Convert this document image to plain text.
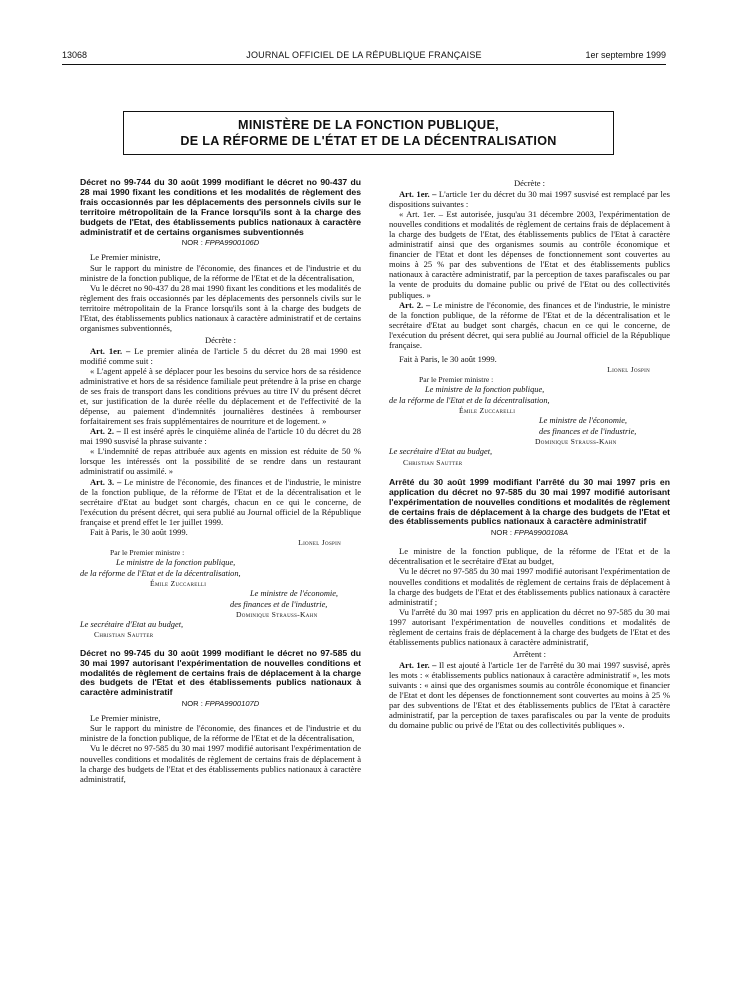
13068	JOURNAL OFFICIEL DE LA RÉPUBLIQUE FRANÇAISE	1er septembre 1999
MINISTÈRE DE LA FONCTION PUBLIQUE,
DE LA RÉFORME DE L'ÉTAT ET DE LA DÉCENTRALISATION

Décret no 99-744 du 30 août 1999 modifiant le décret no 90-437 du 28 mai 1990 fixant les conditions et les modalités de règlement des frais occasionnés par les déplacements des personnels civils sur le territoire métropolitain de la France lorsqu'ils sont à la charge des budgets de l'Etat, des établissements publics nationaux à caractère administratif et de certains organismes subventionnés

NOR : FPPA9900106D

Le Premier ministre,

Sur le rapport du ministre de l'économie, des finances et de l'industrie et du ministre de la fonction publique, de la réforme de l'Etat et de la décentralisation,

Vu le décret no 90-437 du 28 mai 1990 fixant les conditions et les modalités de règlement des frais occasionnés par les déplacements des personnels civils sur le territoire métropolitain de la France lorsqu'ils sont à la charge des budgets de l'Etat, des établissements publics nationaux à caractère administratif et de certains organismes subventionnés,

Décrète :

Art. 1er. – Le premier alinéa de l'article 5 du décret du 28 mai 1990 est modifié comme suit :

« L'agent appelé à se déplacer pour les besoins du service hors de sa résidence administrative et hors de sa résidence familiale peut prétendre à la prise en charge de ses frais de transport dans les conditions prévues au titre IV du présent décret et, sur justification de la durée réelle du déplacement et de l'effectivité de la dépense, au paiement d'indemnités journalières destinées à rembourser forfaitairement ses frais supplémentaires de nourriture et de logement. »

Art. 2. – Il est inséré après le cinquième alinéa de l'article 10 du décret du 28 mai 1990 susvisé la phrase suivante :

« L'indemnité de repas attribuée aux agents en mission est réduite de 50 % lorsque les intéressés ont la possibilité de se rendre dans un restaurant administratif ou assimilé. »

Art. 3. – Le ministre de l'économie, des finances et de l'industrie, le ministre de la fonction publique, de la réforme de l'Etat et de la décentralisation et le secrétaire d'Etat au budget sont chargés, chacun en ce qui le concerne, de l'exécution du présent décret, qui sera publié au Journal officiel de la République française et prend effet le 1er juillet 1999.

Fait à Paris, le 30 août 1999.

Lionel Jospin
Par le Premier ministre :
Le ministre de la fonction publique,
de la réforme de l'Etat et de la décentralisation,
Émile Zuccarelli
Le ministre de l'économie,
des finances et de l'industrie,
Dominique Strauss-Kahn
Le secrétaire d'Etat au budget,
Christian Sautter

Décret no 99-745 du 30 août 1999 modifiant le décret no 97-585 du 30 mai 1997 autorisant l'expérimentation de nouvelles conditions et modalités de règlement de certains frais de déplacement à la charge des budgets de l'Etat et des établissements publics nationaux à caractère administratif

NOR : FPPA9900107D

Le Premier ministre,

Sur le rapport du ministre de l'économie, des finances et de l'industrie et du ministre de la fonction publique, de la réforme de l'Etat et de la décentralisation,

Vu le décret no 97-585 du 30 mai 1997 modifié autorisant l'expérimentation de nouvelles conditions et modalités de règlement de certains frais de déplacement à la charge des budgets de l'Etat et des établissements publics nationaux à caractère administratif,

Décrète :

Art. 1er. – L'article 1er du décret du 30 mai 1997 susvisé est remplacé par les dispositions suivantes :

« Art. 1er. – Est autorisée, jusqu'au 31 décembre 2003, l'expérimentation de nouvelles conditions et modalités de règlement de certains frais de déplacement à la charge des budgets de l'Etat, des établissements publics de l'Etat à caractère administratif ainsi que des organismes soumis au contrôle économique et financier de l'Etat et dont les dépenses de fonctionnement sont couvertes au moins à 25 % par des subventions de l'Etat et des établissements publics nationaux à caractère administratif, par la perception de taxes parafiscales ou par la vente de produits du domaine public ou privé de l'Etat ou des collectivités publiques. »

Art. 2. – Le ministre de l'économie, des finances et de l'industrie, le ministre de la fonction publique, de la réforme de l'Etat et de la décentralisation et le secrétaire d'Etat au budget sont chargés, chacun en ce qui le concerne, de l'exécution du présent décret, qui sera publié au Journal officiel de la République française.

Fait à Paris, le 30 août 1999.

Lionel Jospin
Par le Premier ministre :
Le ministre de la fonction publique,
de la réforme de l'Etat et de la décentralisation,
Émile Zuccarelli
Le ministre de l'économie,
des finances et de l'industrie,
Dominique Strauss-Kahn
Le secrétaire d'Etat au budget,
Christian Sautter

Arrêté du 30 août 1999 modifiant l'arrêté du 30 mai 1997 pris en application du décret no 97-585 du 30 mai 1997 modifié autorisant l'expérimentation de nouvelles conditions et modalités de règlement de certains frais de déplacement à la charge des budgets de l'Etat et des établissements publics nationaux à caractère administratif

NOR : FPPA9900108A

Le ministre de la fonction publique, de la réforme de l'Etat et de la décentralisation et le secrétaire d'Etat au budget,

Vu le décret no 97-585 du 30 mai 1997 modifié autorisant l'expérimentation de nouvelles conditions et modalités de règlement de certains frais de déplacement à la charge des budgets de l'Etat et des établissements publics nationaux à caractère administratif ;

Vu l'arrêté du 30 mai 1997 pris en application du décret no 97-585 du 30 mai 1997 autorisant l'expérimentation de nouvelles conditions et modalités de règlement de certains frais de déplacement à la charge des budgets de l'Etat et des établissements publics nationaux à caractère administratif,

Arrêtent :

Art. 1er. – Il est ajouté à l'article 1er de l'arrêté du 30 mai 1997 susvisé, après les mots : « établissements publics nationaux à caractère administratif », les mots suivants : « ainsi que des organismes soumis au contrôle économique et financier de l'Etat et dont les dépenses de fonctionnement sont couvertes au moins à 25 % par des subventions de l'Etat et des établissements publics de l'Etat à caractère administratif, par la perception de taxes parafiscales ou par la vente de produits du domaine public ou privé de l'Etat ou des collectivités publiques ».
